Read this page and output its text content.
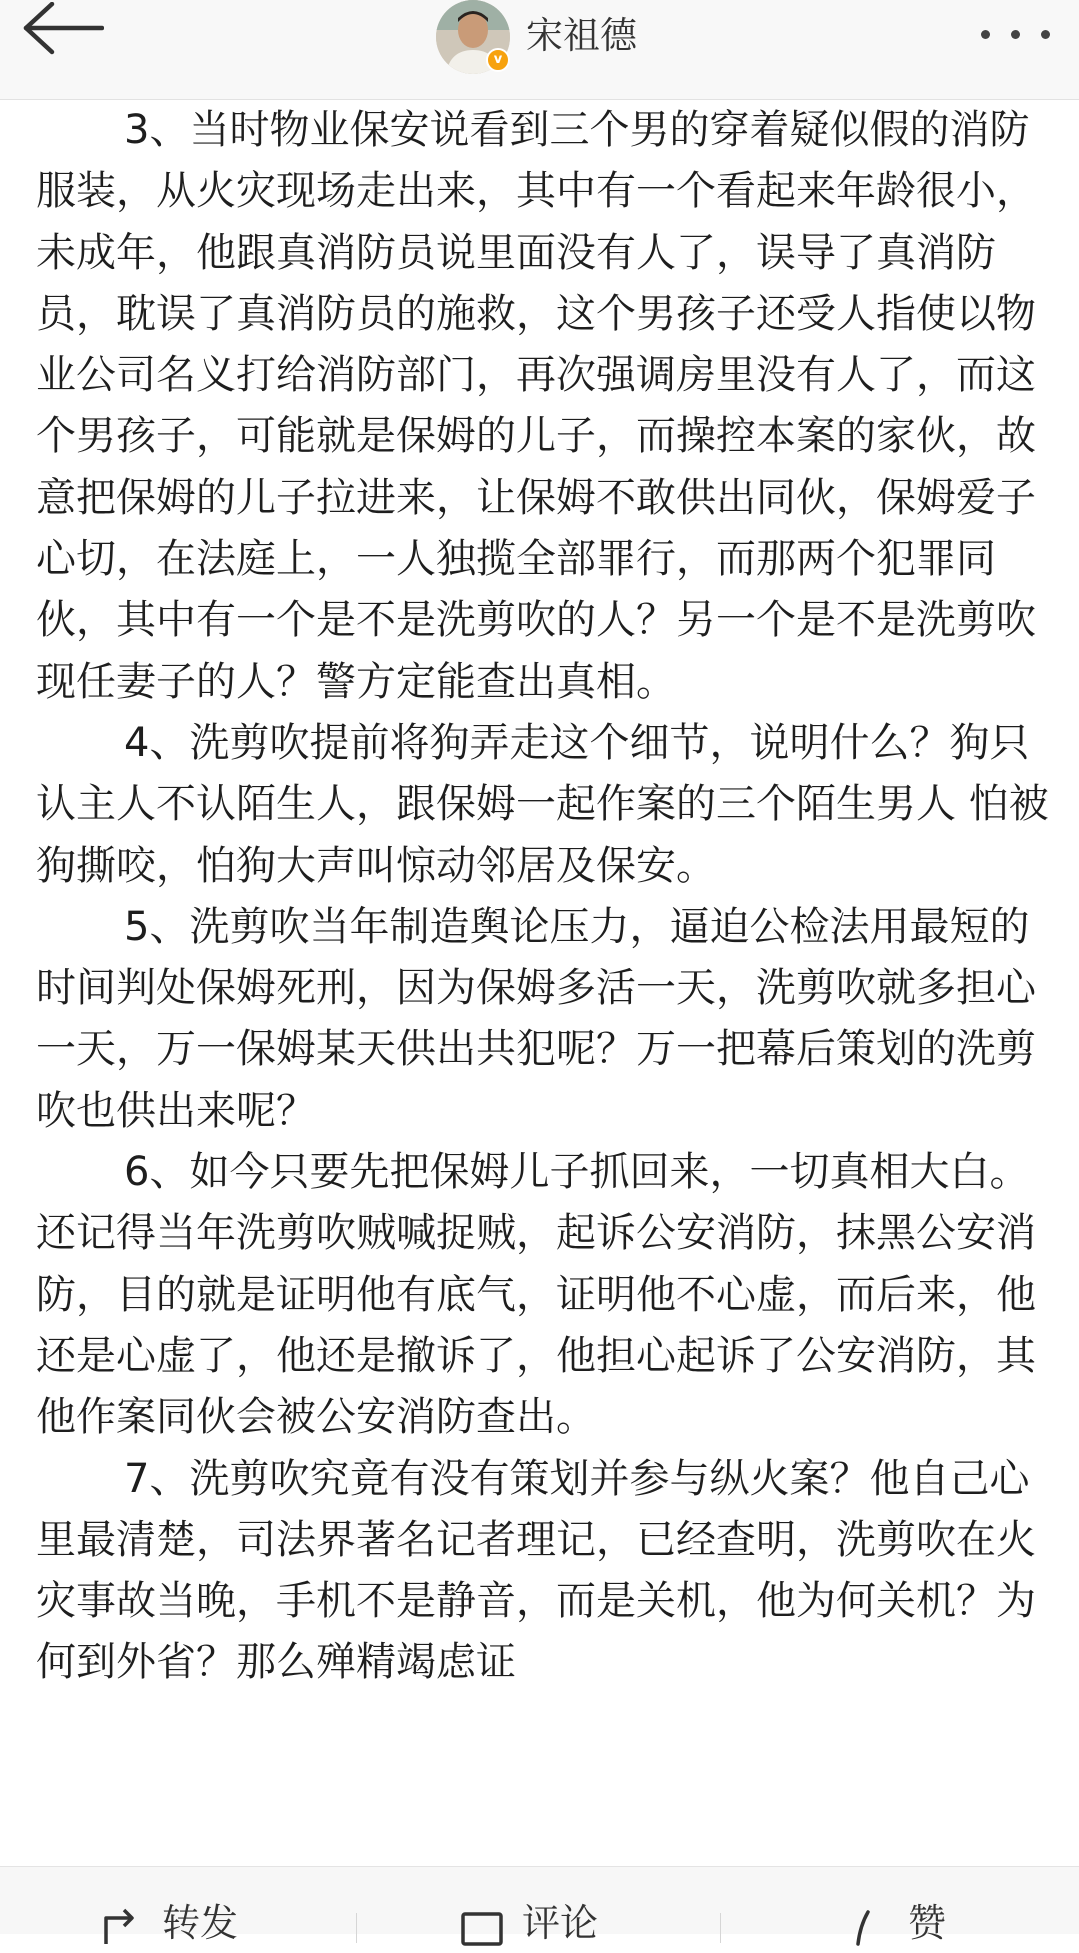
v
宋祖德

3、当时物业保安说看到三个男的穿着疑似假的消防服装，从火灾现场走出来，其中有一个看起来年龄很小，未成年，他跟真消防员说里面没有人了，误导了真消防员，耽误了真消防员的施救，这个男孩子还受人指使以物业公司名义打给消防部门，再次强调房里没有人了，而这个男孩子，可能就是保姆的儿子，而操控本案的家伙，故意把保姆的儿子拉进来，让保姆不敢供出同伙，保姆爱子心切，在法庭上，一人独揽全部罪行，而那两个犯罪同伙，其中有一个是不是洗剪吹的人？另一个是不是洗剪吹现任妻子的人？警方定能查出真相。

4、洗剪吹提前将狗弄走这个细节，说明什么？狗只认主人不认陌生人，跟保姆一起作案的三个陌生男人 怕被狗撕咬，怕狗大声叫惊动邻居及保安。

5、洗剪吹当年制造舆论压力，逼迫公检法用最短的时间判处保姆死刑，因为保姆多活一天，洗剪吹就多担心一天，万一保姆某天供出共犯呢？万一把幕后策划的洗剪吹也供出来呢？

6、如今只要先把保姆儿子抓回来，一切真相大白。还记得当年洗剪吹贼喊捉贼，起诉公安消防，抹黑公安消防，目的就是证明他有底气，证明他不心虚，而后来，他还是心虚了，他还是撤诉了，他担心起诉了公安消防，其他作案同伙会被公安消防查出。

7、洗剪吹究竟有没有策划并参与纵火案？他自己心里最清楚，司法界著名记者理记，已经查明，洗剪吹在火灾事故当晚，手机不是静音，而是关机，他为何关机？为何到外省？那么殚精竭虑证

转发	评论	赞
